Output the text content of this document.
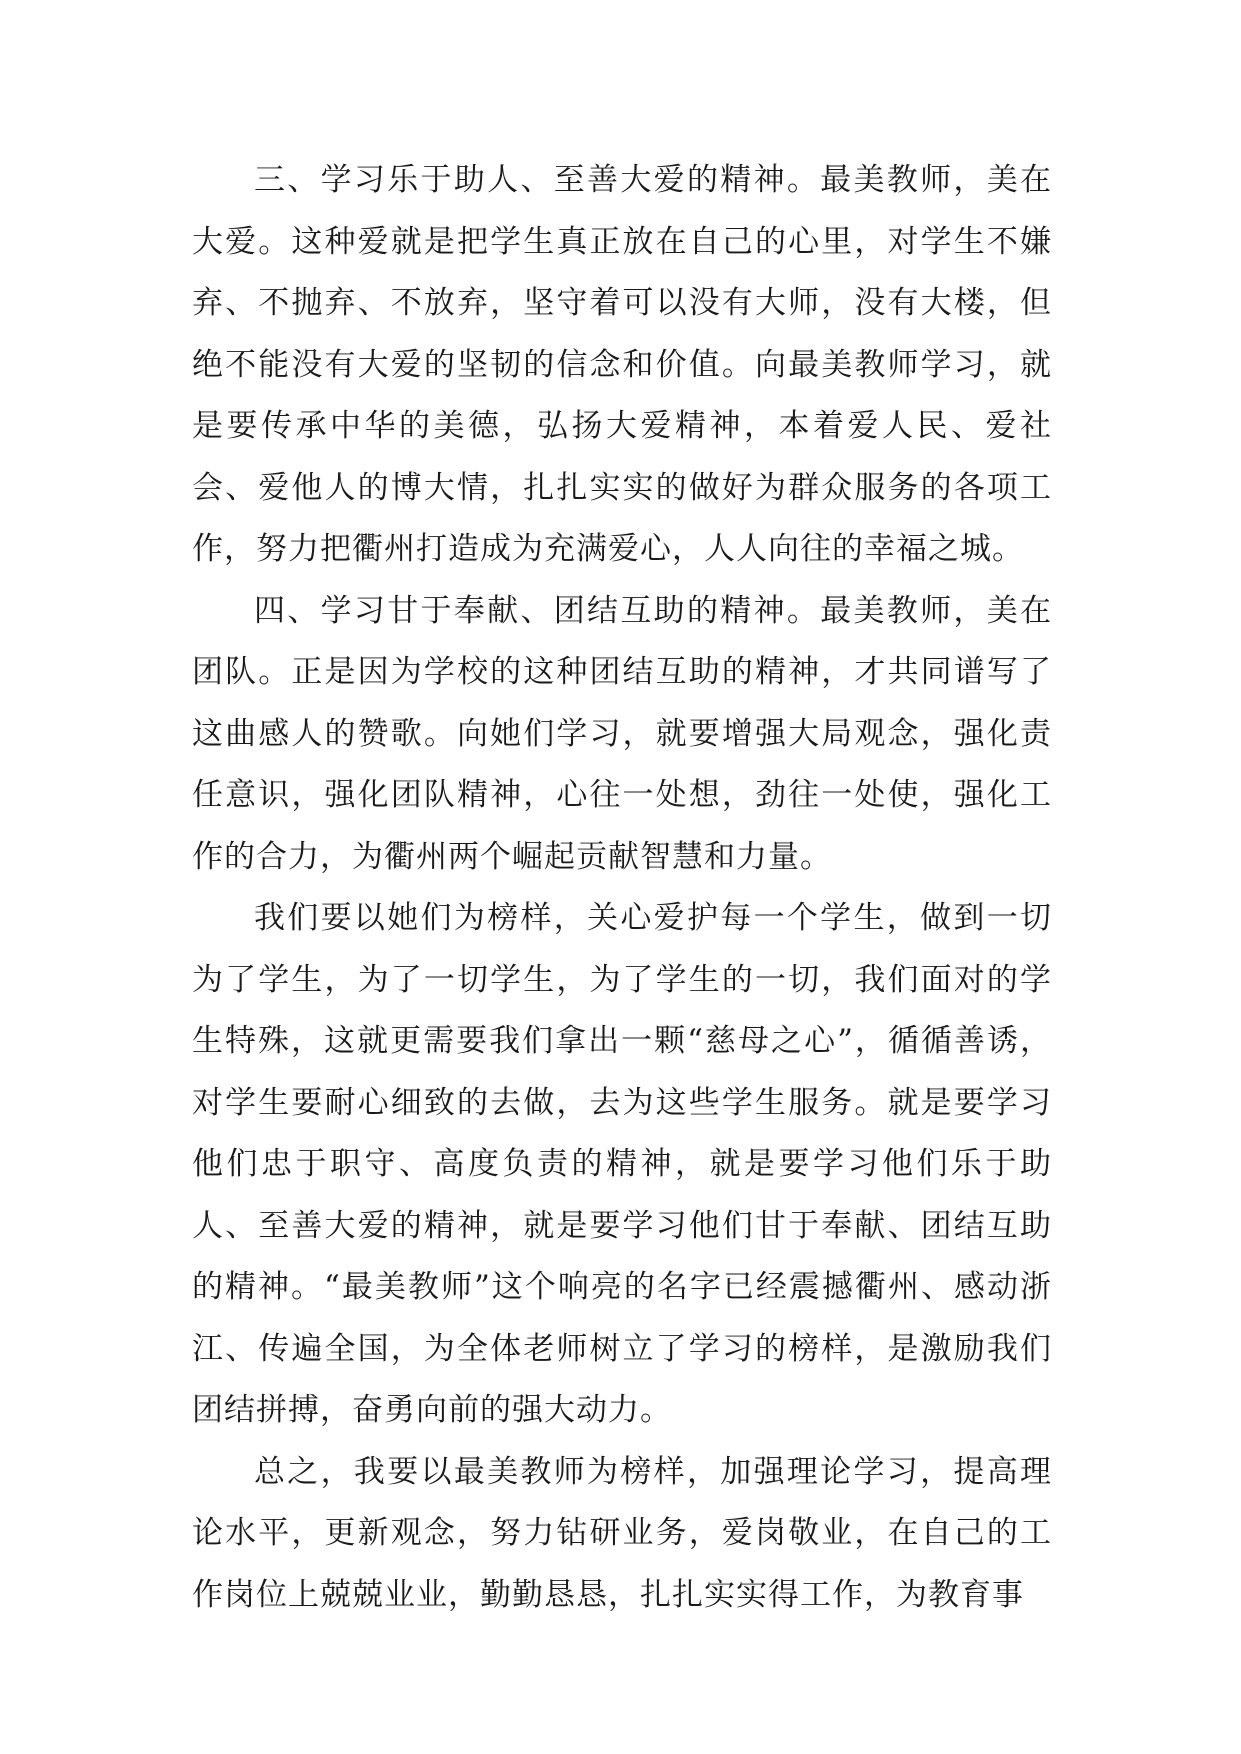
三、学习乐于助人、至善大爱的精神。最美教师，美在大爱。这种爱就是把学生真正放在自己的心里，对学生不嫌弃、不抛弃、不放弃，坚守着可以没有大师，没有大楼，但绝不能没有大爱的坚韧的信念和价值。向最美教师学习，就是要传承中华的美德，弘扬大爱精神，本着爱人民、爱社会、爱他人的博大情，扎扎实实的做好为群众服务的各项工作，努力把衢州打造成为充满爱心，人人向往的幸福之城。

四、学习甘于奉献、团结互助的精神。最美教师，美在团队。正是因为学校的这种团结互助的精神，才共同谱写了这曲感人的赞歌。向她们学习，就要增强大局观念，强化责任意识，强化团队精神，心往一处想，劲往一处使，强化工作的合力，为衢州两个崛起贡献智慧和力量。

我们要以她们为榜样，关心爱护每一个学生，做到一切为了学生，为了一切学生，为了学生的一切，我们面对的学生特殊，这就更需要我们拿出一颗“慈母之心”，循循善诱，对学生要耐心细致的去做，去为这些学生服务。就是要学习他们忠于职守、高度负责的精神，就是要学习他们乐于助人、至善大爱的精神，就是要学习他们甘于奉献、团结互助的精神。“最美教师”这个响亮的名字已经震撼衢州、感动浙江、传遍全国，为全体老师树立了学习的榜样，是激励我们团结拼搏，奋勇向前的强大动力。

总之，我要以最美教师为榜样，加强理论学习，提高理论水平，更新观念，努力钻研业务，爱岗敬业，在自己的工作岗位上兢兢业业，勤勤恳恳，扎扎实实得工作，为教育事
